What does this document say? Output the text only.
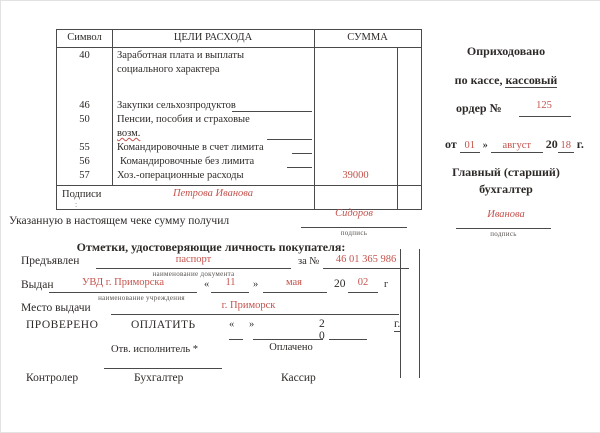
Символ	ЦЕЛИ РАСХОДА	СУММА
40	Заработная плата и выплаты
социального характера
46	Закупки сельхозпродуктов
50	Пенсии, пособия и страховые
возм.
55	Командировочные в счет лимита
56	Командировочные без лимита
57	Хоз.-операционные расходы	39000
Подписи
:
Петрова Иванова
Указанную в настоящем чеке сумму получил
Сидоров
подпись
Отметки, удостоверяющие личность покупателя:
Предъявлен	паспорт
наименование документа
за №	46 01 365 986
Выдан	УВД г. Приморска
наименование учреждения
«	11	»	мая	20	02	г
Место выдачи	г. Приморск
ПРОВЕРЕНО	ОПЛАТИТЬ	« »	2	г.
0
Отв. исполнитель *	Оплачено
Контролер	Бухгалтер	Кассир
Оприходовано
по кассе, кассовый
ордер №	125
от 01 » август 20 18 г.
Главный (старший)
бухгалтер
Иванова
подпись
